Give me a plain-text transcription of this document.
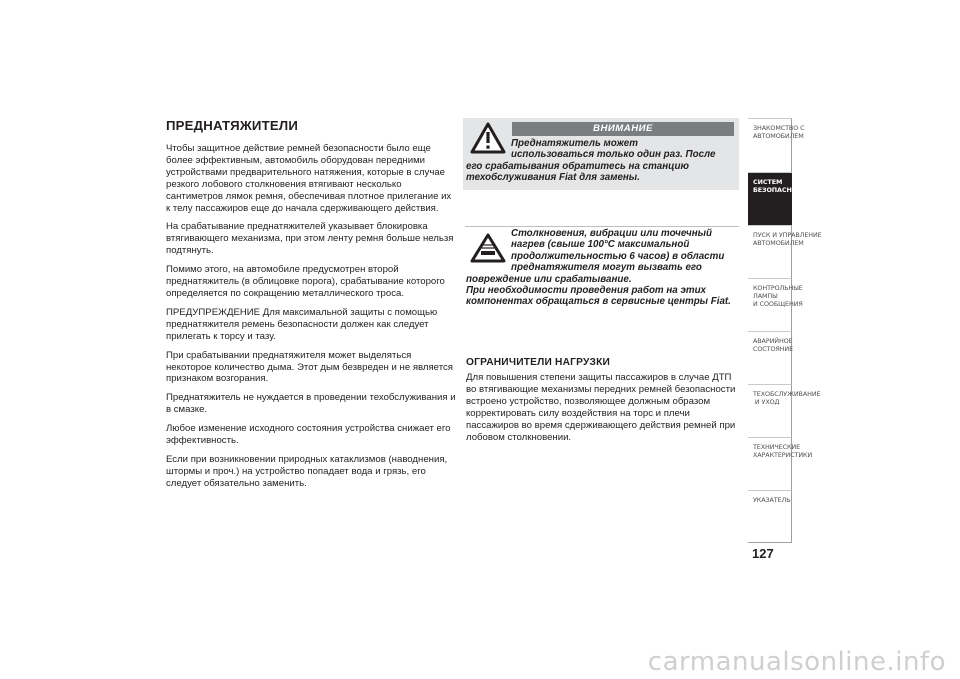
ПРЕДНАТЯЖИТЕЛИ

Чтобы защитное действие ремней безопасности было еще более эффективным, автомобиль оборудован передними устройствами предварительного натяжения, которые в случае резкого лобового столкновения втягивают несколько сантиметров лямок ремня, обеспечивая плотное прилегание их к телу пассажиров еще до начала сдерживающего действия.

На срабатывание преднатяжителей указывает блокировка втягивающего механизма, при этом ленту ремня больше нельзя подтянуть.

Помимо этого, на автомобиле предусмотрен второй преднатяжитель (в облицовке порога), срабатывание которого определяется по сокращению металлического троса.

ПРЕДУПРЕЖДЕНИЕ Для максимальной защиты с помощью преднатяжителя ремень безопасности должен как следует прилегать к торсу и тазу.

При срабатывании преднатяжителя может выделяться некоторое количество дыма. Этот дым безвреден и не является признаком возгорания.

Преднатяжитель не нуждается в проведении техобслуживания и в смазке.

Любое изменение исходного состояния устройства снижает его эффективность.

Если при возникновении природных катаклизмов (наводнения, штормы и проч.) на устройство попадает вода и грязь, его следует обязательно заменить.

ВНИМАНИЕ

Преднатяжитель может

использоваться только один раз. После

его срабатывания обратитесь на станцию техобслуживания Fiat для замены.

Столкновения, вибрации или точечный

нагрев (свыше 100°С максимальной

продолжительностью 6 часов) в области

преднатяжителя могут вызвать его

повреждение или срабатывание.

При необходимости проведения работ на этих компонентах обращаться в сервисные центры Fiat.

ОГРАНИЧИТЕЛИ НАГРУЗКИ

Для повышения степени защиты пассажиров в случае ДТП во втягивающие механизмы передних ремней безопасности встроено устройство, позволяющее должным образом корректировать силу воздействия на торс и плечи пассажиров во время сдерживающего действия ремней при лобовом столкновении.

ЗНАКОМСТВО С
АВТОМОБИЛЕМ
СИСТЕМ
БЕЗОПАСНОСТИ
ПУСК И УПРАВЛЕНИЕ
АВТОМОБИЛЕМ
КОНТРОЛЬНЫЕ
ЛАМПЫ
И СООБЩЕНИЯ
АВАРИЙНОЕ
СОСТОЯНИЕ
ТЕХОБСЛУЖИВАНИЕ
И УХОД
ТЕХНИЧЕСКИЕ
ХАРАКТЕРИСТИКИ
УКАЗАТЕЛЬ
127
carmanualsonline.info
